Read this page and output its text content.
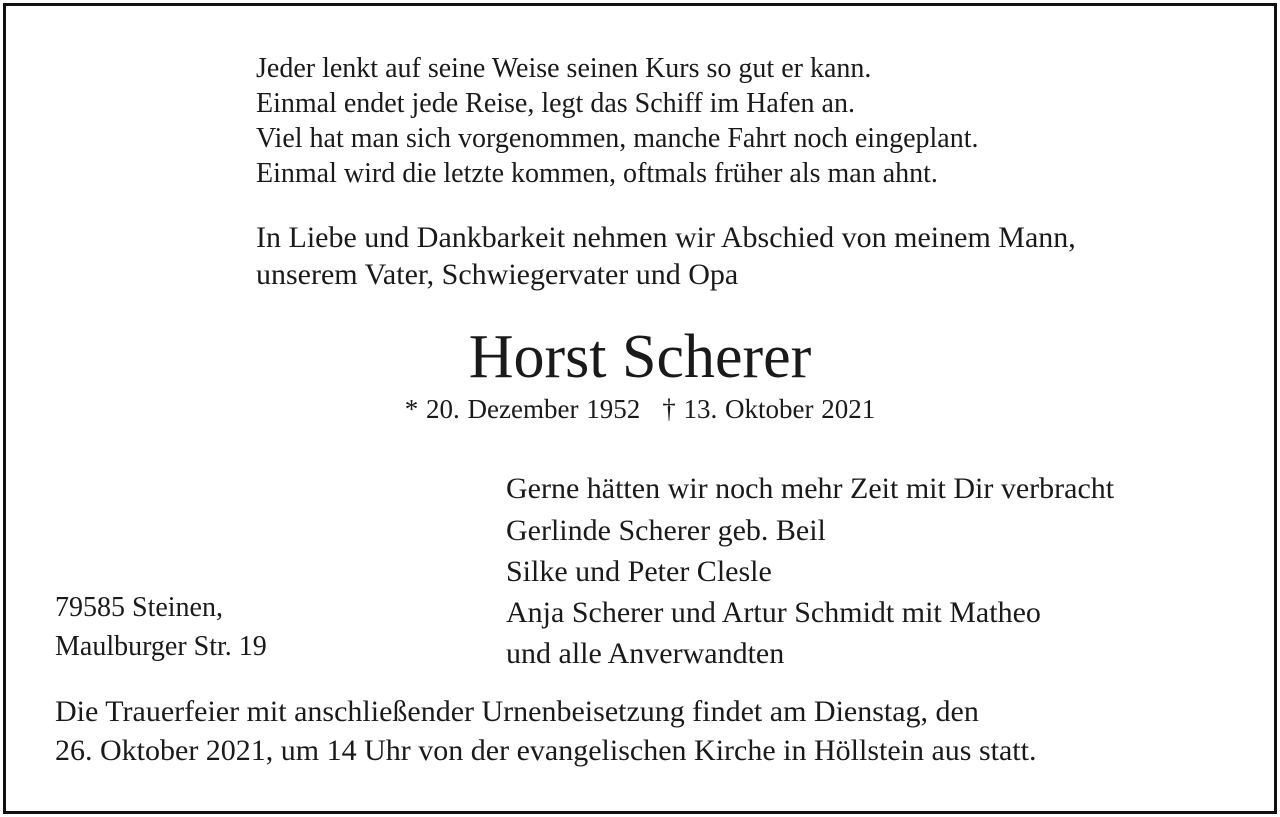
Jeder lenkt auf seine Weise seinen Kurs so gut er kann.
Einmal endet jede Reise, legt das Schiff im Hafen an.
Viel hat man sich vorgenommen, manche Fahrt noch eingeplant.
Einmal wird die letzte kommen, oftmals früher als man ahnt.
In Liebe und Dankbarkeit nehmen wir Abschied von meinem Mann,
unserem Vater, Schwiegervater und Opa
Horst Scherer
* 20. Dezember 1952 † 13. Oktober 2021
Gerne hätten wir noch mehr Zeit mit Dir verbracht
Gerlinde Scherer geb. Beil
Silke und Peter Clesle
Anja Scherer und Artur Schmidt mit Matheo
und alle Anverwandten
79585 Steinen,
Maulburger Str. 19
Die Trauerfeier mit anschließender Urnenbeisetzung findet am Dienstag, den
26. Oktober 2021, um 14 Uhr von der evangelischen Kirche in Höllstein aus statt.
